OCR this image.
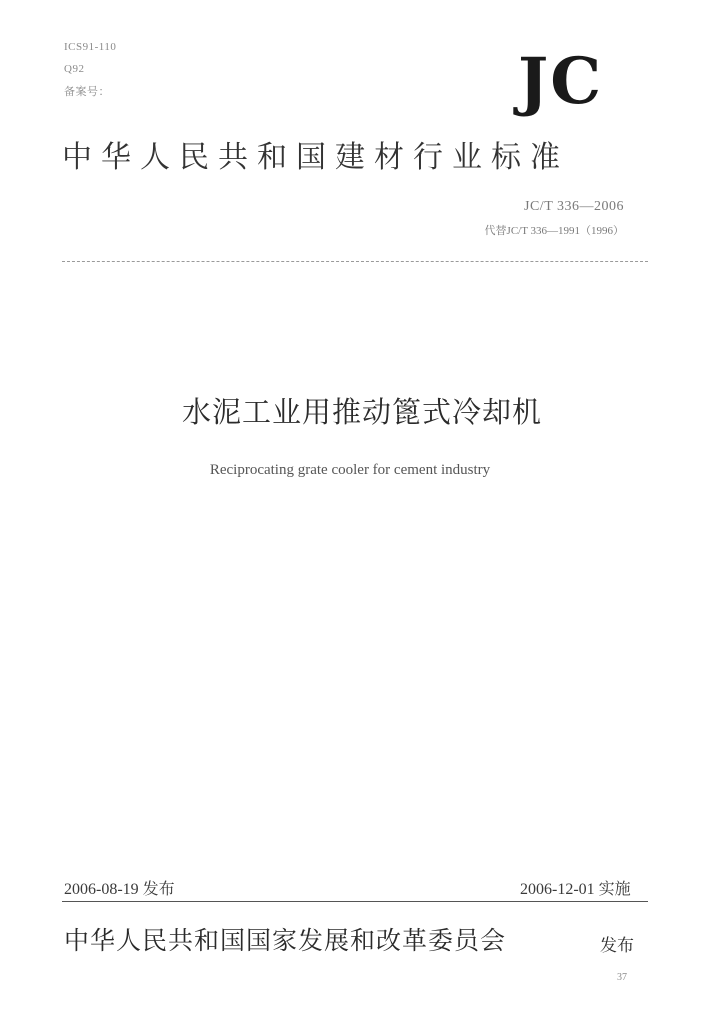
ICS91-110
Q92
备案号：	JC
中华人民共和国建材行业标准
JC/T 336—2006
代替JC/T 336—1991（1996）
水泥工业用推动篦式冷却机
Reciprocating grate cooler for cement industry
2006-08-19 发布	2006-12-01 实施
中华人民共和国国家发展和改革委员会	发布
37
